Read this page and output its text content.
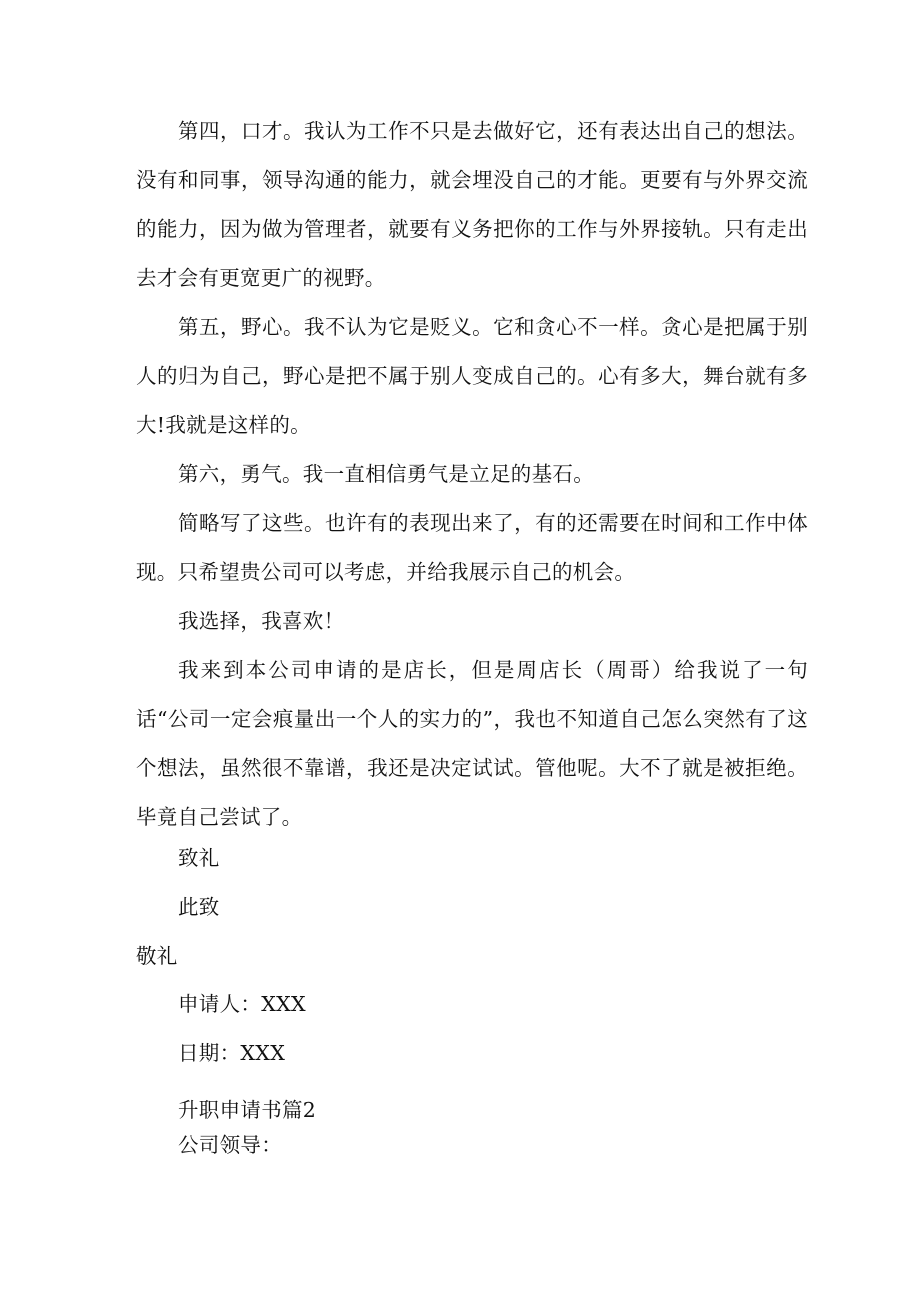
第四，口才。我认为工作不只是去做好它，还有表达出自己的想法。没有和同事，领导沟通的能力，就会埋没自己的才能。更要有与外界交流的能力，因为做为管理者，就要有义务把你的工作与外界接轨。只有走出去才会有更宽更广的视野。

第五，野心。我不认为它是贬义。它和贪心不一样。贪心是把属于别人的归为自己，野心是把不属于别人变成自己的。心有多大，舞台就有多大!我就是这样的。

第六，勇气。我一直相信勇气是立足的基石。

简略写了这些。也许有的表现出来了，有的还需要在时间和工作中体现。只希望贵公司可以考虑，并给我展示自己的机会。

我选择，我喜欢！

我来到本公司申请的是店长，但是周店长（周哥）给我说了一句话“公司一定会痕量出一个人的实力的”，我也不知道自己怎么突然有了这个想法，虽然很不靠谱，我还是决定试试。管他呢。大不了就是被拒绝。毕竟自己尝试了。

致礼

此致

敬礼

申请人：XXX

日期：XXX

升职申请书篇2

公司领导：
